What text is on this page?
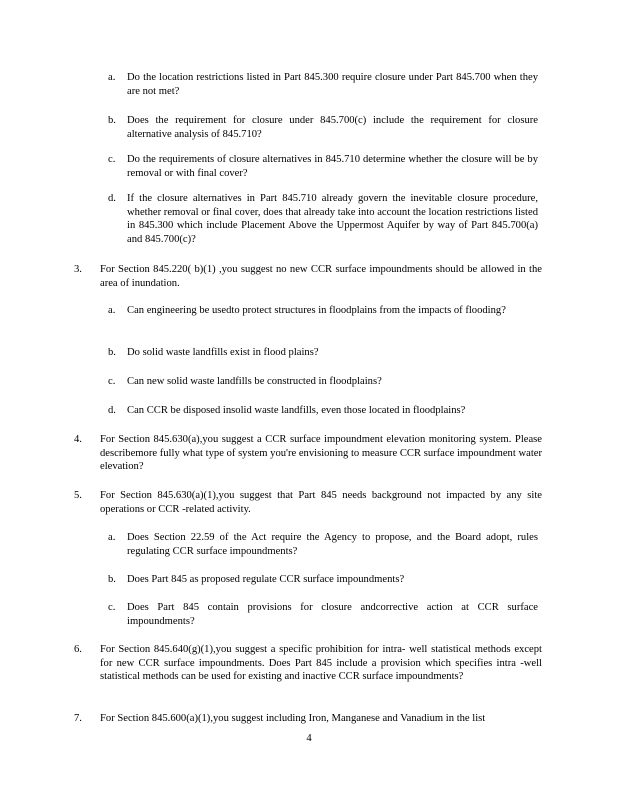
a. Do the location restrictions listed in Part 845.300 require closure under Part 845.700 when they are not met?
b. Does the requirement for closure under 845.700(c) include the requirement for closure alternative analysis of 845.710?
c. Do the requirements of closure alternatives in 845.710 determine whether the closure will be by removal or with final cover?
d. If the closure alternatives in Part 845.710 already govern the inevitable closure procedure, whether removal or final cover, does that already take into account the location restrictions listed in 845.300 which include Placement Above the Uppermost Aquifer by way of Part 845.700(a) and 845.700(c)?
3. For Section 845.220( b)(1) ,you suggest no new CCR surface impoundments should be allowed in the area of inundation.
a. Can engineering be usedto protect structures in floodplains from the impacts of flooding?
b. Do solid waste landfills exist in flood plains?
c. Can new solid waste landfills be constructed in floodplains?
d. Can CCR be disposed insolid waste landfills, even those located in floodplains?
4. For Section 845.630(a),you suggest a CCR surface impoundment elevation monitoring system. Please describemore fully what type of system you're envisioning to measure CCR surface impoundment water elevation?
5. For Section 845.630(a)(1),you suggest that Part 845 needs background not impacted by any site operations or CCR -related activity.
a. Does Section 22.59 of the Act require the Agency to propose, and the Board adopt, rules regulating CCR surface impoundments?
b. Does Part 845 as proposed regulate CCR surface impoundments?
c. Does Part 845 contain provisions for closure andcorrective action at CCR surface impoundments?
6. For Section 845.640(g)(1),you suggest a specific prohibition for intra- well statistical methods except for new CCR surface impoundments. Does Part 845 include a provision which specifies intra -well statistical methods can be used for existing and inactive CCR surface impoundments?
7. For Section 845.600(a)(1),you suggest including Iron, Manganese and Vanadium in the list
4
